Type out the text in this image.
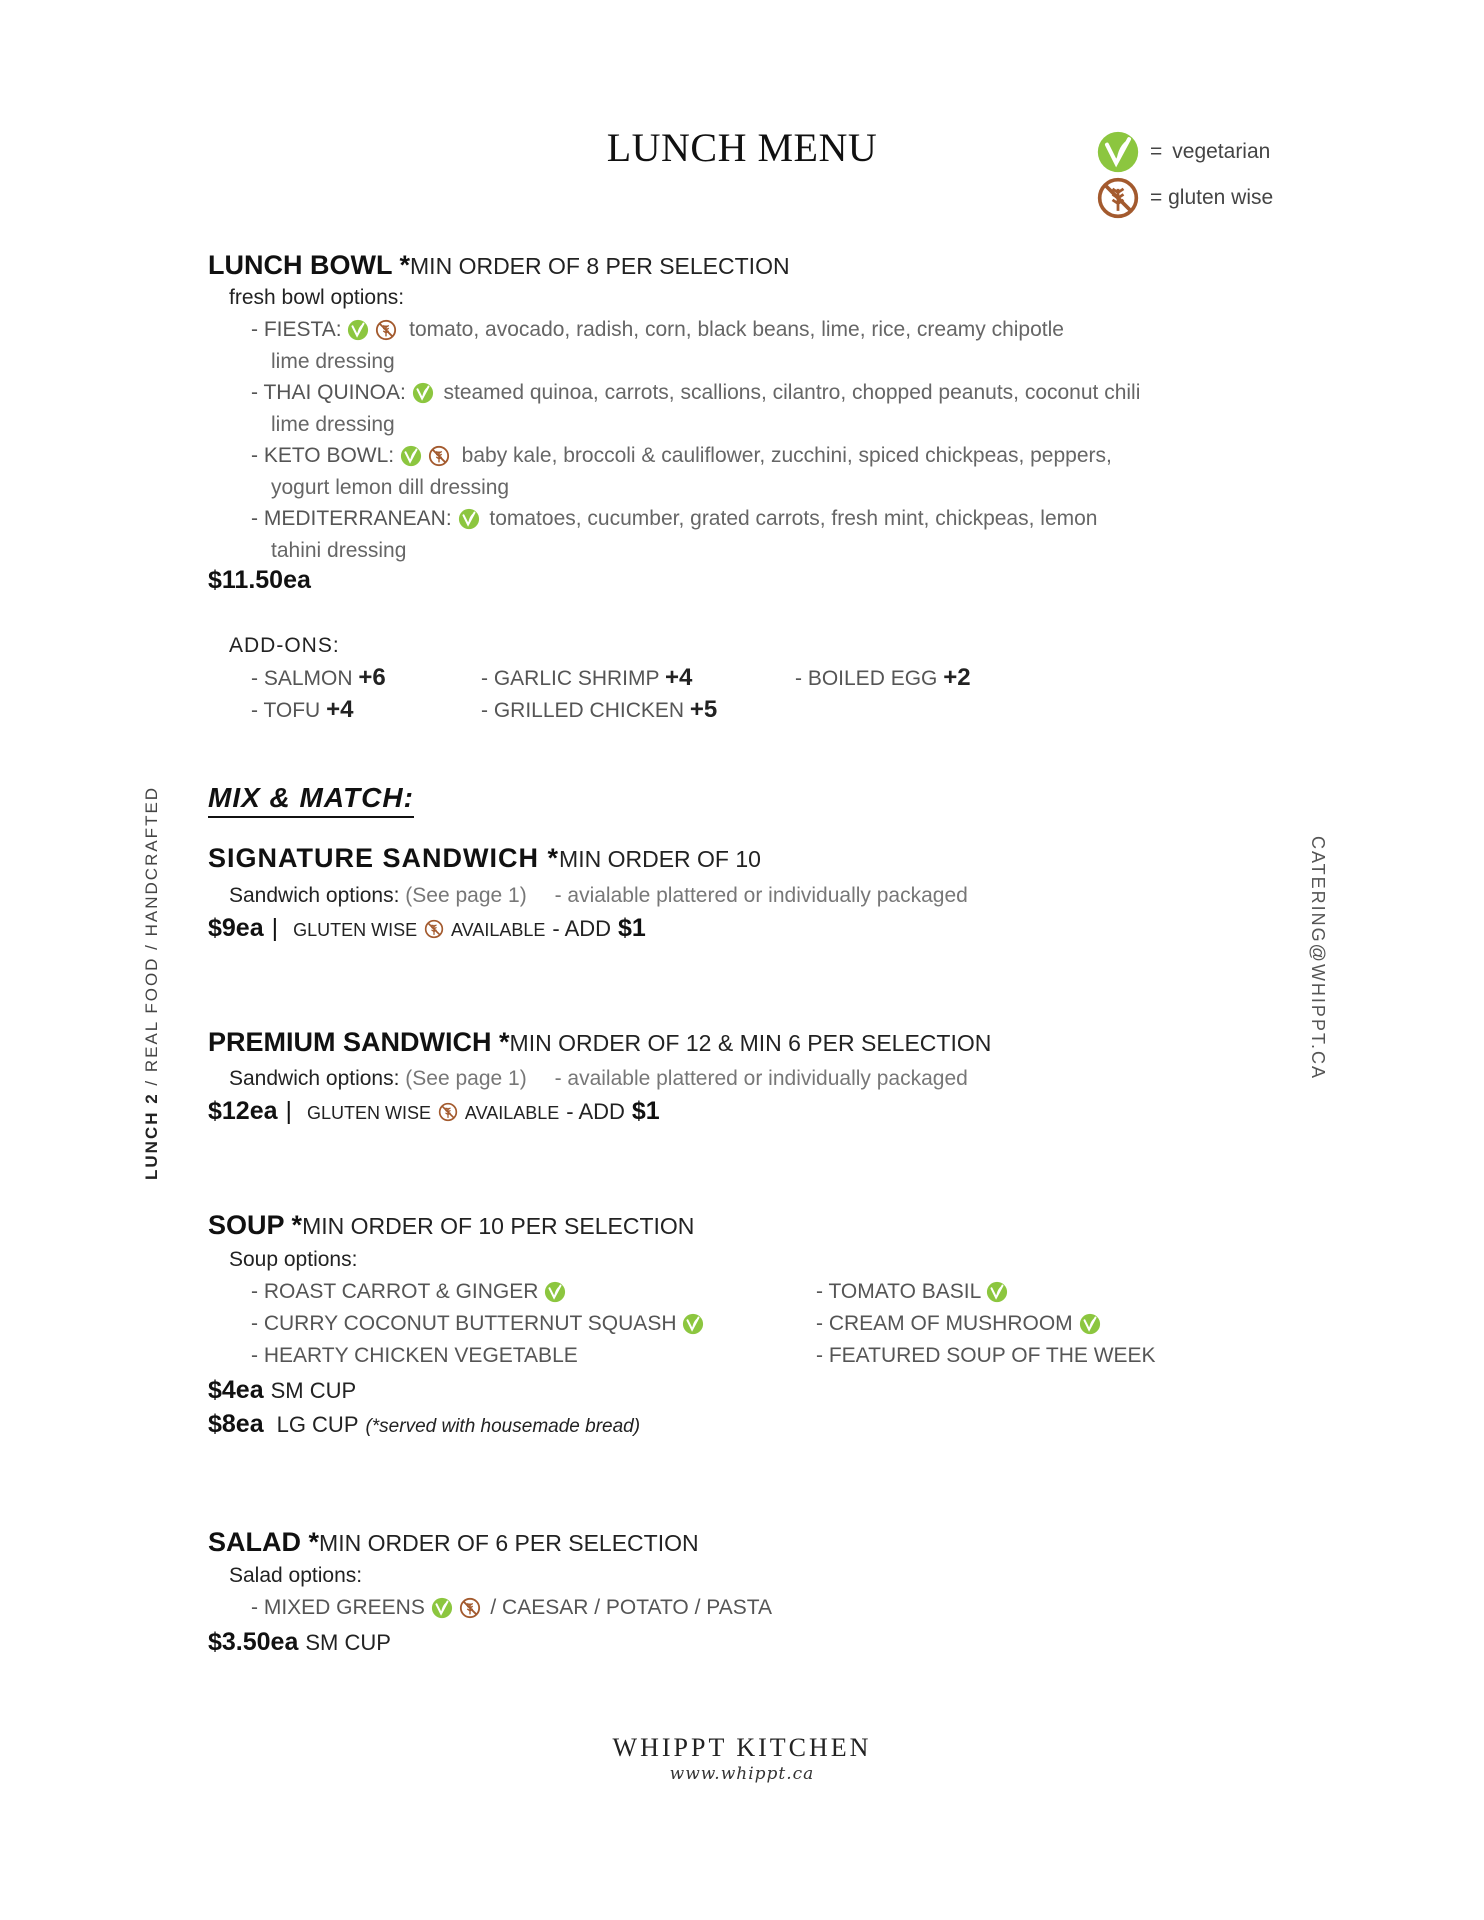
LUNCH MENU	= vegetarian
= gluten wise
LUNCH BOWL *MIN ORDER OF 8 PER SELECTION
fresh bowl options:
- FIESTA:	tomato, avocado, radish, corn, black beans, lime, rice, creamy chipotle
lime dressing
- THAI QUINOA: steamed quinoa, carrots, scallions, cilantro, chopped peanuts, coconut chili
lime dressing
- KETO BOWL:	baby kale, broccoli & cauliflower, zucchini, spiced chickpeas, peppers,
yogurt lemon dill dressing
- MEDITERRANEAN: tomatoes, cucumber, grated carrots, fresh mint, chickpeas, lemon
tahini dressing
$11.50ea
ADD-ONS:
- SALMON +6
- TOFU +4
- GARLIC SHRIMP +4
- GRILLED CHICKEN +5
- BOILED EGG +2
MIX & MATCH:
SIGNATURE SANDWICH *MIN ORDER OF 10
Sandwich options: (See page 1) - avialable plattered or individually packaged
$9ea | GLUTEN WISE AVAILABLE - ADD $1
PREMIUM SANDWICH *MIN ORDER OF 12 & MIN 6 PER SELECTION
Sandwich options: (See page 1) - available plattered or individually packaged
$12ea | GLUTEN WISE AVAILABLE - ADD $1
SOUP *MIN ORDER OF 10 PER SELECTION
Soup options:
- ROAST CARROT & GINGER
- CURRY COCONUT BUTTERNUT SQUASH
- HEARTY CHICKEN VEGETABLE
- TOMATO BASIL
- CREAM OF MUSHROOM
- FEATURED SOUP OF THE WEEK
$4ea SM CUP
$8ea LG CUP (*served with housemade bread)
SALAD *MIN ORDER OF 6 PER SELECTION
Salad options:
- MIXED GREENS	/ CAESAR / POTATO / PASTA
$3.50ea SM CUP
LUNCH 2 / REAL FOOD / HANDCRAFTED	CATERING@WHIPPT.CA
WHIPPT KITCHEN
www.whippt.ca
